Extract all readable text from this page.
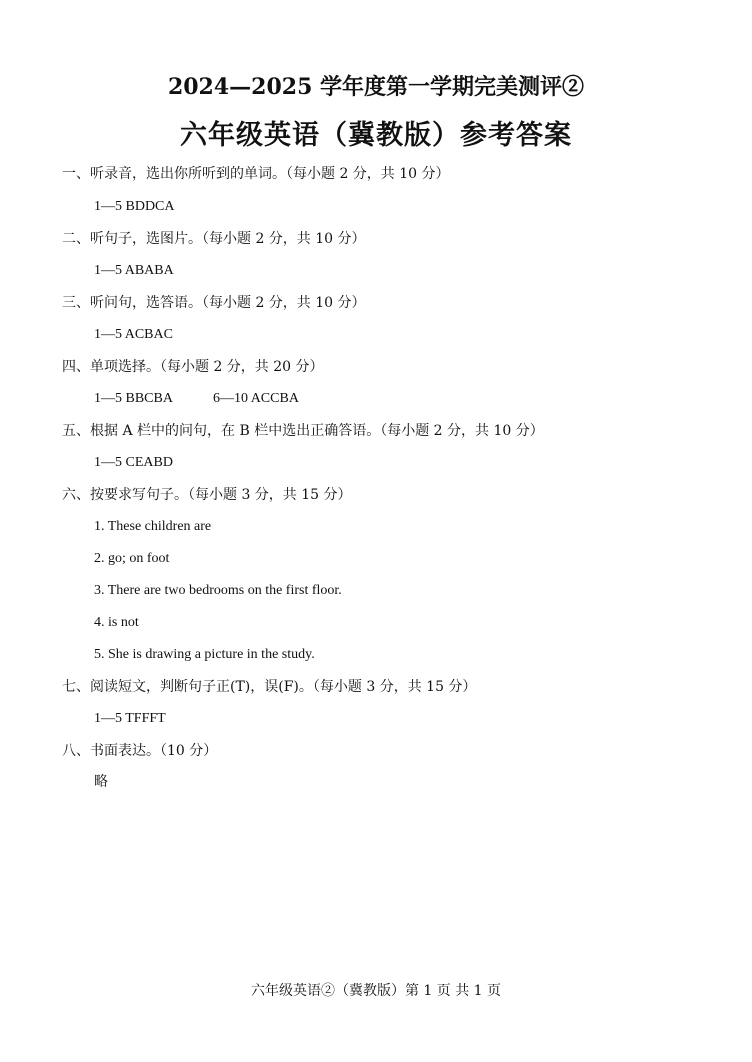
2024—2025 学年度第一学期完美测评②
六年级英语（冀教版）参考答案
一、听录音，选出你所听到的单词。（每小题 2 分，共 10 分）
1—5 BDDCA
二、听句子，选图片。（每小题 2 分，共 10 分）
1—5 ABABA
三、听问句，选答语。（每小题 2 分，共 10 分）
1—5 ACBAC
四、单项选择。（每小题 2 分，共 20 分）
1—5 BBCBA	6—10 ACCBA
五、根据 A 栏中的问句，在 B 栏中选出正确答语。（每小题 2 分，共 10 分）
1—5 CEABD
六、按要求写句子。（每小题 3 分，共 15 分）
1. These children are
2. go; on foot
3. There are two bedrooms on the first floor.
4. is not
5. She is drawing a picture in the study.
七、阅读短文，判断句子正(T)，误(F)。（每小题 3 分，共 15 分）
1—5 TFFFT
八、书面表达。（10 分）
略
六年级英语②（冀教版）第 1 页 共 1 页
